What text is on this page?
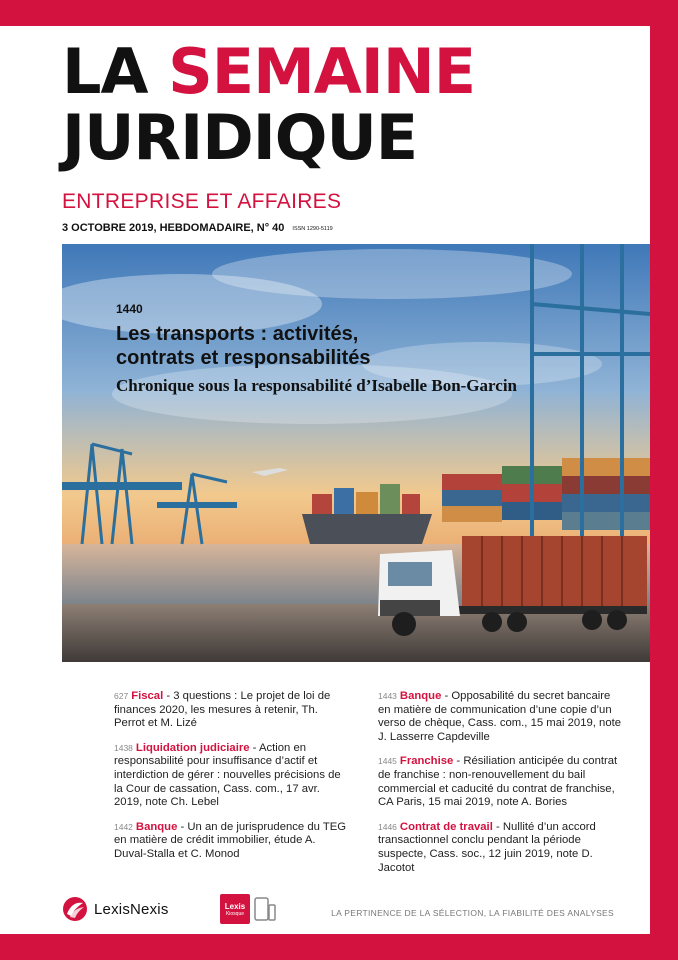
LA SEMAINE
JURIDIQUE
ENTREPRISE ET AFFAIRES
3 OCTOBRE 2019, HEBDOMADAIRE, N° 40 ISSN 1290-5119
1440
Les transports : activités,
contrats et responsabilités
Chronique sous la responsabilité d’Isabelle Bon-Garcin
627 Fiscal - 3 questions : Le projet de loi de finances 2020, les mesures à retenir, Th. Perrot et M. Lizé
1438 Liquidation judiciaire - Action en responsabilité pour insuffisance d’actif et interdiction de gérer : nouvelles précisions de la Cour de cassation, Cass. com., 17 avr. 2019, note Ch. Lebel
1442 Banque - Un an de jurisprudence du TEG en matière de crédit immobilier, étude A. Duval-Stalla et C. Monod
1443 Banque - Opposabilité du secret bancaire en matière de communication d’une copie d’un verso de chèque, Cass. com., 15 mai 2019, note J. Lasserre Capdeville
1445 Franchise - Résiliation anticipée du contrat de franchise : non-renouvellement du bail commercial et caducité du contrat de franchise, CA Paris, 15 mai 2019, note A. Bories
1446 Contrat de travail - Nullité d’un accord transactionnel conclu pendant la période suspecte, Cass. soc., 12 juin 2019, note D. Jacotot
LexisNexis	Lexis
Kiosque	LA PERTINENCE DE LA SÉLECTION, LA FIABILITÉ DES ANALYSES
